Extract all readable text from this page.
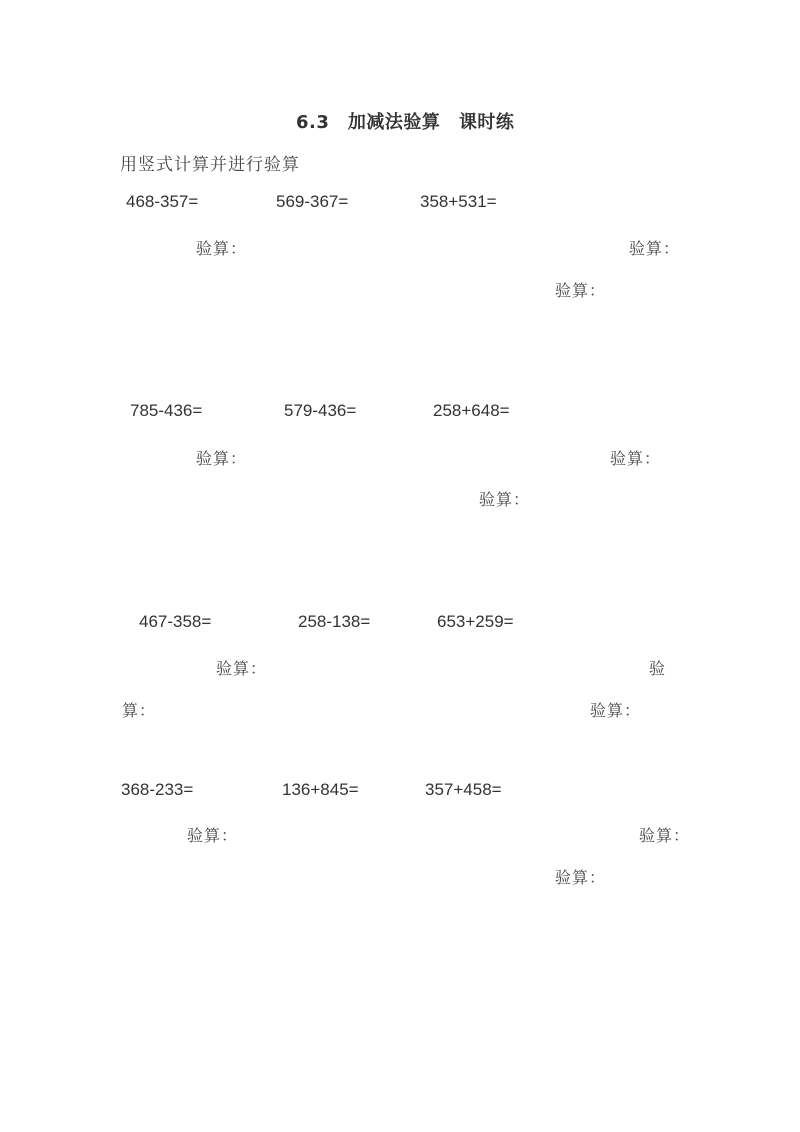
6.3　加减法验算　课时练
用竖式计算并进行验算
468-357=	569-367=	358+531=
验算：	验算：
验算：
785-436=	579-436=	258+648=
验算：	验算：
验算：
467-358=	258-138=	653+259=
验算：	验
算：	验算：
368-233=	136+845=	357+458=
验算：	验算：
验算：
